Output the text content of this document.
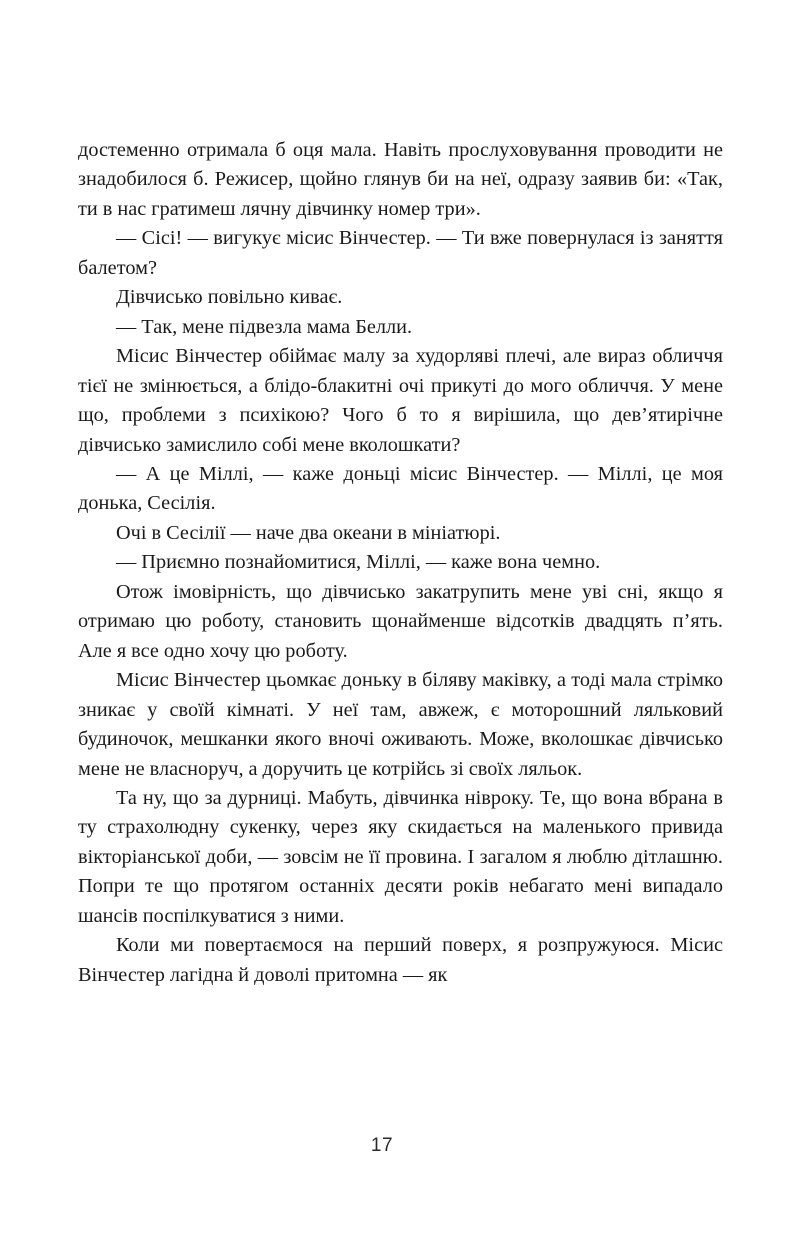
достеменно отримала б оця мала. Навіть прослуховування проводити не знадобилося б. Режисер, щойно глянув би на неї, одразу заявив би: «Так, ти в нас гратимеш лячну дівчинку номер три».

— Сісі! — вигукує місис Вінчестер. — Ти вже повернулася із заняття балетом?

Дівчисько повільно киває.

— Так, мене підвезла мама Белли.

Місис Вінчестер обіймає малу за худорляві плечі, але вираз обличчя тієї не змінюється, а блідо-блакитні очі прикуті до мого обличчя. У мене що, проблеми з психікою? Чого б то я вирішила, що дев’ятирічне дівчисько замислило собі мене вколошкати?

— А це Міллі, — каже доньці місис Вінчестер. — Міллі, це моя донька, Сесілія.

Очі в Сесілії — наче два океани в мініатюрі.

— Приємно познайомитися, Міллі, — каже вона чемно.

Отож імовірність, що дівчисько закатрупить мене уві сні, якщо я отримаю цю роботу, становить щонайменше відсотків двадцять п’ять. Але я все одно хочу цю роботу.

Місис Вінчестер цьомкає доньку в біляву маківку, а тоді мала стрімко зникає у своїй кімнаті. У неї там, авжеж, є моторошний ляльковий будиночок, мешканки якого вночі оживають. Може, вколошкає дівчисько мене не власноруч, а доручить це котрійсь зі своїх ляльок.

Та ну, що за дурниці. Мабуть, дівчинка нівроку. Те, що вона вбрана в ту страхолюдну сукенку, через яку скидається на маленького привида вікторіанської доби, — зовсім не її провина. І загалом я люблю дітлашню. Попри те що протягом останніх десяти років небагато мені випадало шансів поспілкуватися з ними.

Коли ми повертаємося на перший поверх, я розпружуюся. Місис Вінчестер лагідна й доволі притомна — як

17
